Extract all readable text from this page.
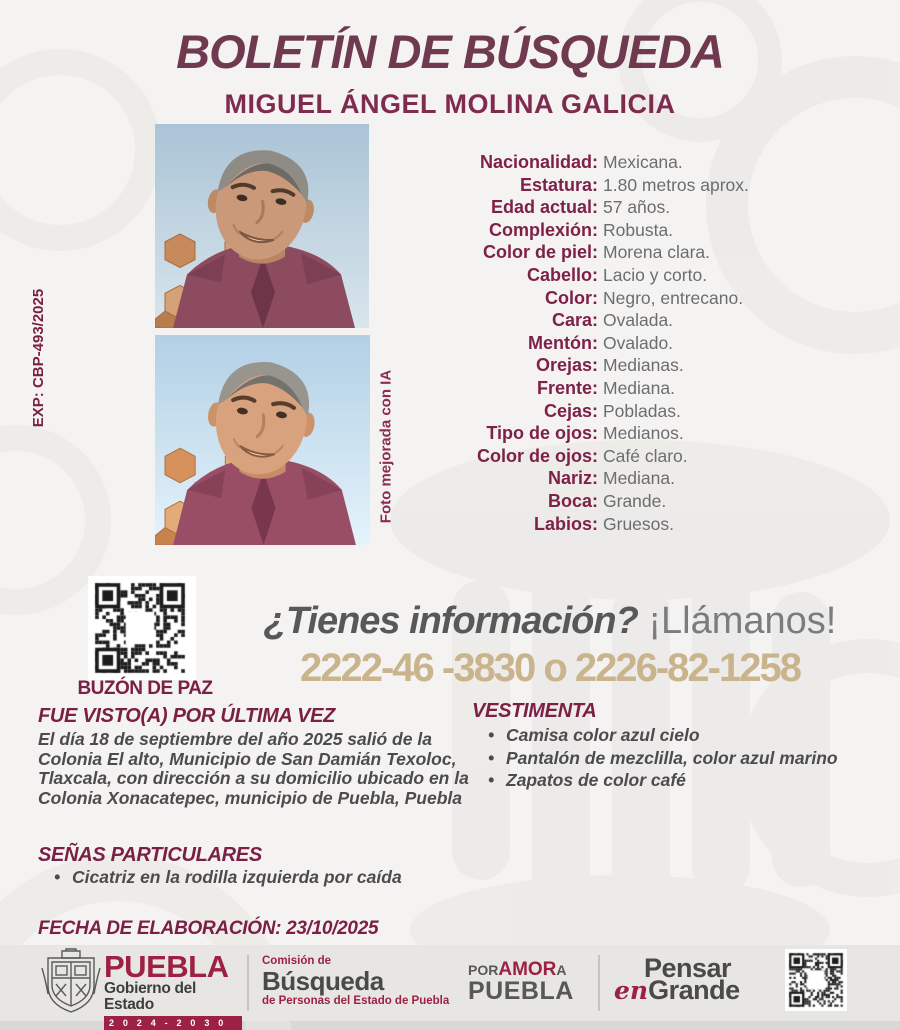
BOLETÍN DE BÚSQUEDA
MIGUEL ÁNGEL MOLINA GALICIA
EXP: CBP-493/2025
Foto mejorada con IA
Nacionalidad: Mexicana.
Estatura: 1.80 metros aprox.
Edad actual: 57 años.
Complexión: Robusta.
Color de piel: Morena clara.
Cabello: Lacio y corto.
Color: Negro, entrecano.
Cara: Ovalada.
Mentón: Ovalado.
Orejas: Medianas.
Frente: Mediana.
Cejas: Pobladas.
Tipo de ojos: Medianos.
Color de ojos: Café claro.
Nariz: Mediana.
Boca: Grande.
Labios: Gruesos.
BUZÓN DE PAZ
¿Tienes información? ¡Llámanos!
2222-46 -3830 o 2226-82-1258
FUE VISTO(A) POR ÚLTIMA VEZ
El día 18 de septiembre del año 2025 salió de la Colonia El alto, Municipio de San Damián Texoloc, Tlaxcala, con dirección a su domicilio ubicado en la Colonia Xonacatepec, municipio de Puebla, Puebla
VESTIMENTA
• Camisa color azul cielo
• Pantalón de mezclilla, color azul marino
• Zapatos de color café
SEÑAS PARTICULARES
• Cicatriz en la rodilla izquierda por caída
FECHA DE ELABORACIÓN: 23/10/2025
PUEBLA
Gobierno del Estado
2 0 2 4 - 2 0 3 0
Comisión de
Búsqueda
de Personas del Estado de Puebla
PORAMORA
PUEBLA
Pensar
enGrande
